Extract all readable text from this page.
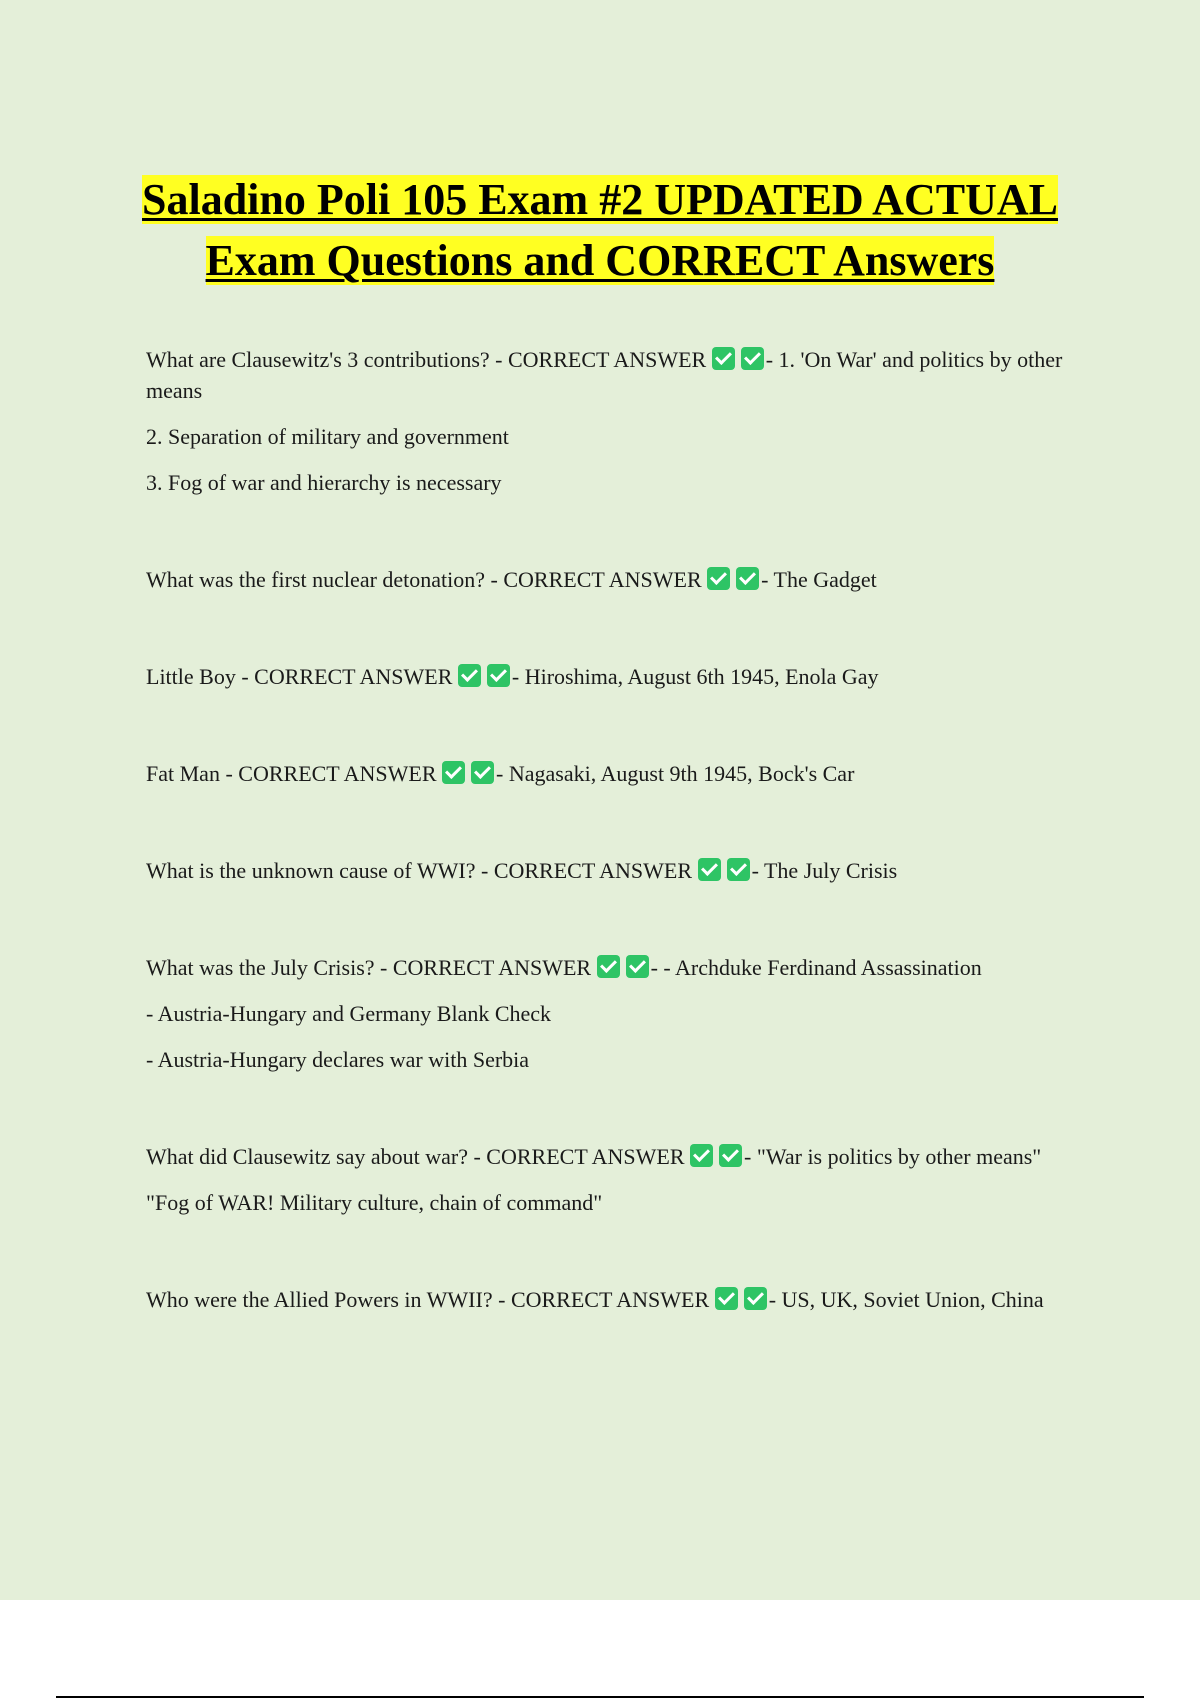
Saladino Poli 105 Exam #2 UPDATED ACTUAL Exam Questions and CORRECT Answers

What are Clausewitz's 3 contributions? - CORRECT ANSWER	- 1. 'On War' and politics by other means

2. Separation of military and government

3. Fog of war and hierarchy is necessary

What was the first nuclear detonation? - CORRECT ANSWER	- The Gadget

Little Boy - CORRECT ANSWER	- Hiroshima, August 6th 1945, Enola Gay

Fat Man - CORRECT ANSWER	- Nagasaki, August 9th 1945, Bock's Car

What is the unknown cause of WWI? - CORRECT ANSWER	- The July Crisis

What was the July Crisis? - CORRECT ANSWER	- - Archduke Ferdinand Assassination

- Austria-Hungary and Germany Blank Check

- Austria-Hungary declares war with Serbia

What did Clausewitz say about war? - CORRECT ANSWER	- "War is politics by other means"

"Fog of WAR! Military culture, chain of command"

Who were the Allied Powers in WWII? - CORRECT ANSWER	- US, UK, Soviet Union, China
